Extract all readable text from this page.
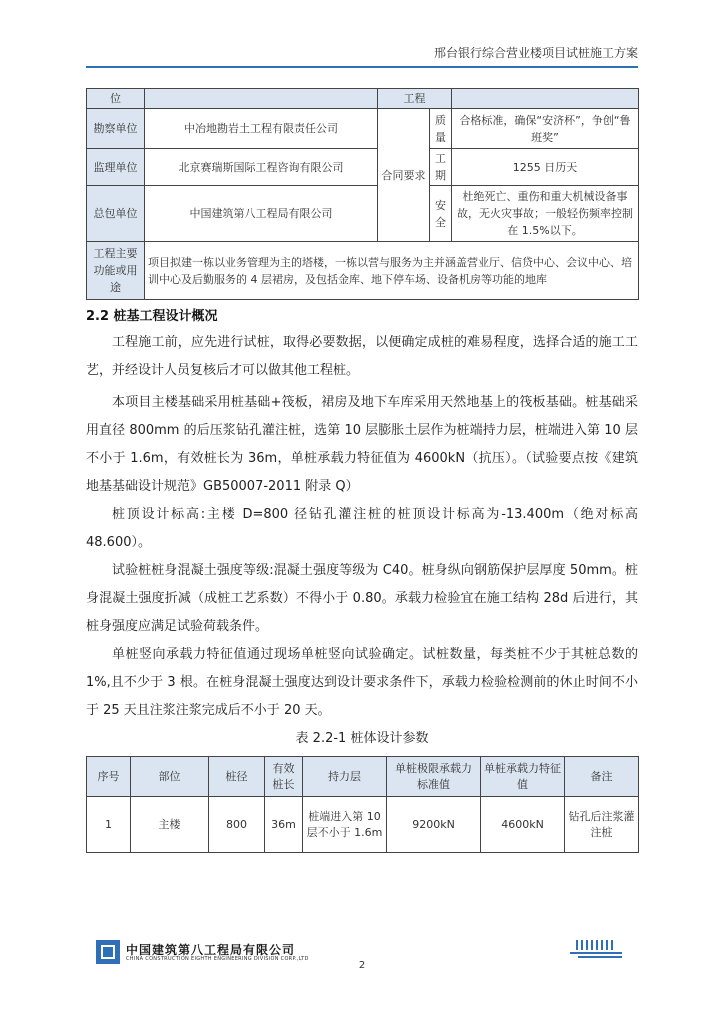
邢台银行综合营业楼项目试桩施工方案
位		工程		
勘察单位	中冶地勘岩土工程有限责任公司	合同要求	质量	合格标准，确保“安济杯”，争创“鲁班奖”
监理单位	北京赛瑞斯国际工程咨询有限公司		工期	1255 日历天
总包单位	中国建筑第八工程局有限公司		安全	杜绝死亡、重伤和重大机械设备事故，无火灾事故；一般轻伤频率控制在 1.5%以下。
工程主要功能或用途	项目拟建一栋以业务管理为主的塔楼，一栋以营与服务为主并涵盖营业厅、信贷中心、会议中心、培训中心及后勤服务的 4 层裙房，及包括金库、地下停车场、设备机房等功能的地库			
2.2 桩基工程设计概况
工程施工前，应先进行试桩，取得必要数据，以便确定成桩的难易程度，选择合适的施工工艺，并经设计人员复核后才可以做其他工程桩。
本项目主楼基础采用桩基础+筏板，裙房及地下车库采用天然地基上的筏板基础。桩基础采用直径 800mm 的后压浆钻孔灌注桩，选第 10 层膨胀土层作为桩端持力层，桩端进入第 10 层不小于 1.6m，有效桩长为 36m，单桩承载力特征值为 4600kN（抗压）。（试验要点按《建筑地基基础设计规范》GB50007-2011 附录 Q）
桩顶设计标高:主楼 D=800 径钻孔灌注桩的桩顶设计标高为-13.400m（绝对标高 48.600）。
试验桩桩身混凝土强度等级:混凝土强度等级为 C40。桩身纵向钢筋保护层厚度 50mm。桩身混凝土强度折减（成桩工艺系数）不得小于 0.80。承载力检验宜在施工结构 28d 后进行，其桩身强度应满足试验荷载条件。
单桩竖向承载力特征值通过现场单桩竖向试验确定。试桩数量，每类桩不少于其桩总数的 1%,且不少于 3 根。在桩身混凝土强度达到设计要求条件下，承载力检验检测前的休止时间不小于 25 天且注浆注浆完成后不小于 20 天。
表 2.2-1 桩体设计参数
序号	部位	桩径	有效桩长	持力层	单桩极限承载力标准值	单桩承载力特征值	备注
1	主楼	800	36m	桩端进入第 10 层不小于 1.6m	9200kN	4600kN	钻孔后注浆灌注桩
中国建筑第八工程局有限公司
CHINA CONSTRUCTION EIGHTH ENGINEERING DIVISION CORP.,LTD
2
